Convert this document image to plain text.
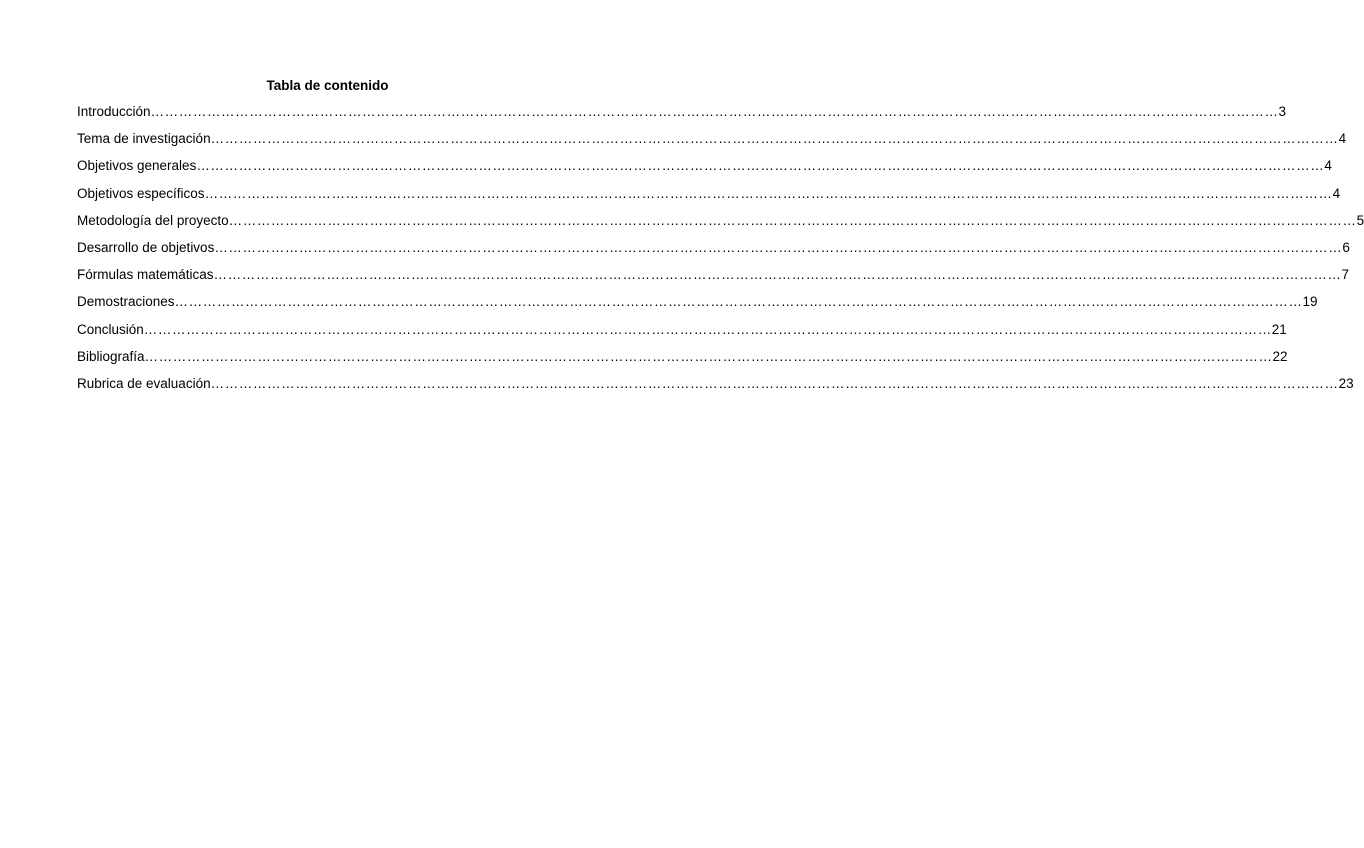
Tabla de contenido
Introducción …………………………………………………………………………………………………………………………………………………………………………………………………………………… 3
Tema de investigación …………………………………………………………………………………………………………………………………………………………………………………………………………………… 4
Objetivos generales …………………………………………………………………………………………………………………………………………………………………………………………………………………… 4
Objetivos específicos …………………………………………………………………………………………………………………………………………………………………………………………………………………… 4
Metodología del proyecto …………………………………………………………………………………………………………………………………………………………………………………………………………………… 5
Desarrollo de objetivos …………………………………………………………………………………………………………………………………………………………………………………………………………………… 6
Fórmulas matemáticas …………………………………………………………………………………………………………………………………………………………………………………………………………………… 7
Demostraciones …………………………………………………………………………………………………………………………………………………………………………………………………………………… 19
Conclusión …………………………………………………………………………………………………………………………………………………………………………………………………………………… 21
Bibliografía …………………………………………………………………………………………………………………………………………………………………………………………………………………… 22
Rubrica de evaluación …………………………………………………………………………………………………………………………………………………………………………………………………………………… 23
